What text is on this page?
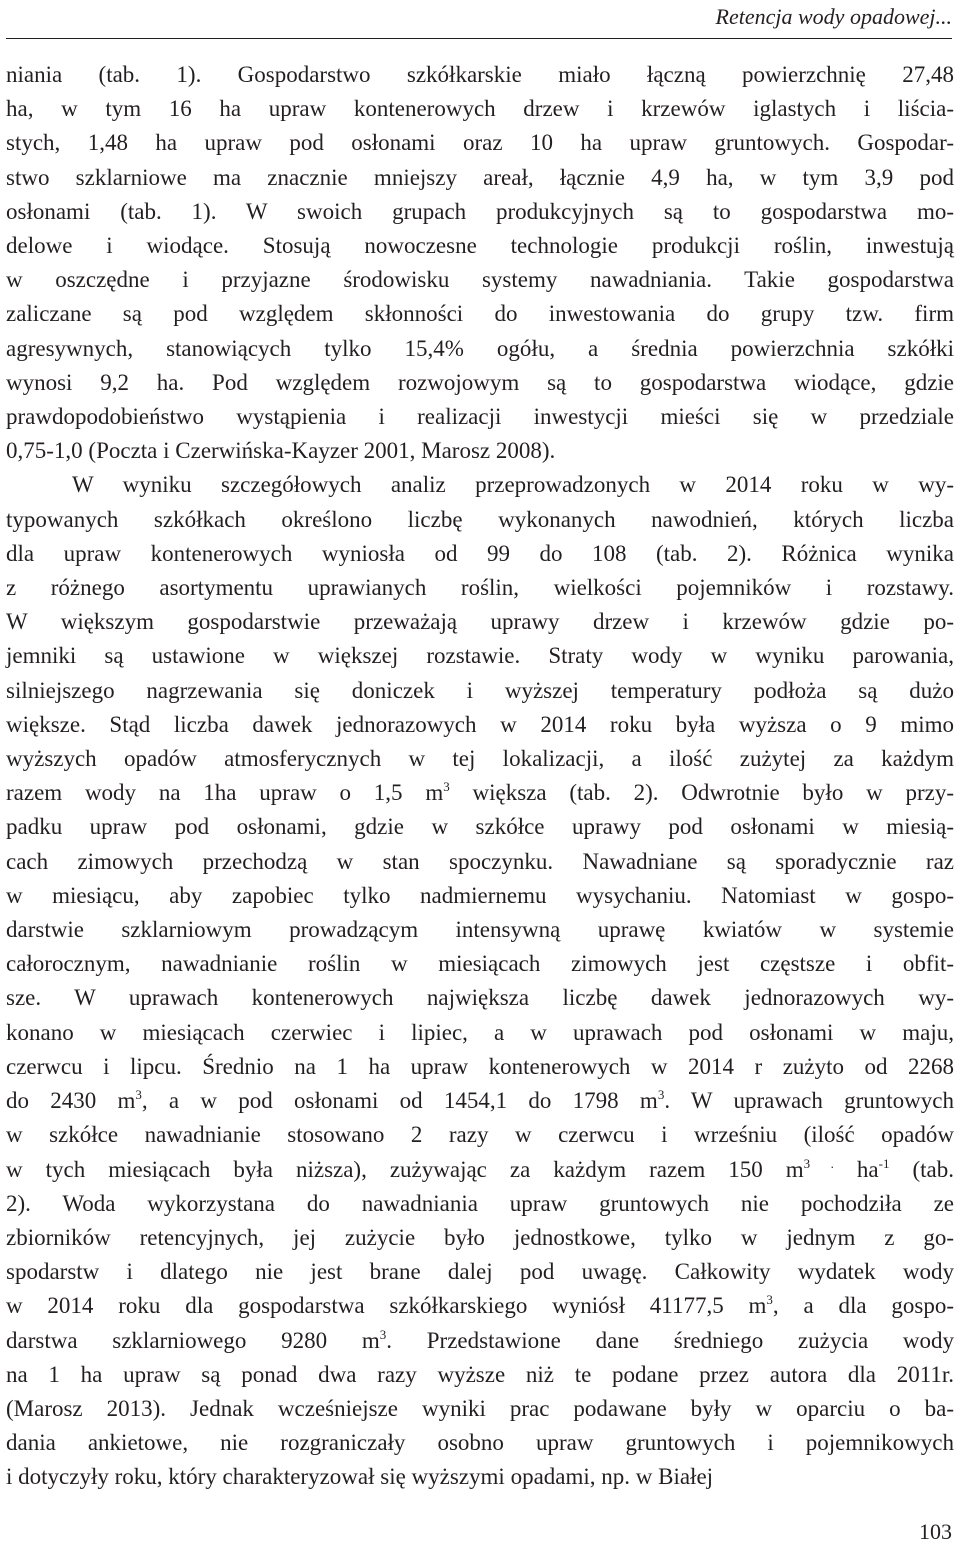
Retencja wody opadowej...

niania (tab. 1). Gospodarstwo szkółkarskie miało łączną powierzchnię 27,48
ha, w tym 16 ha upraw kontenerowych drzew i krzewów iglastych i liścia-
stych, 1,48 ha upraw pod osłonami oraz 10 ha upraw gruntowych. Gospodar-
stwo szklarniowe ma znacznie mniejszy areał, łącznie 4,9 ha, w tym 3,9 pod
osłonami (tab. 1). W swoich grupach produkcyjnych są to gospodarstwa mo-
delowe i wiodące. Stosują nowoczesne technologie produkcji roślin, inwestują
w oszczędne i przyjazne środowisku systemy nawadniania. Takie gospodarstwa
zaliczane są pod względem skłonności do inwestowania do grupy tzw. firm
agresywnych, stanowiących tylko 15,4% ogółu, a średnia powierzchnia szkółki
wynosi 9,2 ha. Pod względem rozwojowym są to gospodarstwa wiodące, gdzie
prawdopodobieństwo wystąpienia i realizacji inwestycji mieści się w przedziale
0,75-1,0 (Poczta i Czerwińska-Kayzer 2001, Marosz 2008).

W wyniku szczegółowych analiz przeprowadzonych w 2014 roku w wy-
typowanych szkółkach określono liczbę wykonanych nawodnień, których liczba
dla upraw kontenerowych wyniosła od 99 do 108 (tab. 2). Różnica wynika
z różnego asortymentu uprawianych roślin, wielkości pojemników i rozstawy.
W większym gospodarstwie przeważają uprawy drzew i krzewów gdzie po-
jemniki są ustawione w większej rozstawie. Straty wody w wyniku parowania,
silniejszego nagrzewania się doniczek i wyższej temperatury podłoża są dużo
większe. Stąd liczba dawek jednorazowych w 2014 roku była wyższa o 9 mimo
wyższych opadów atmosferycznych w tej lokalizacji, a ilość zużytej za każdym
razem wody na 1ha upraw o 1,5 $m^3$ większa (tab. 2). Odwrotnie było w przy-
padku upraw pod osłonami, gdzie w szkółce uprawy pod osłonami w miesią-
cach zimowych przechodzą w stan spoczynku. Nawadniane są sporadycznie raz
w miesiącu, aby zapobiec tylko nadmiernemu wysychaniu. Natomiast w gospo-
darstwie szklarniowym prowadzącym intensywną uprawę kwiatów w systemie
całorocznym, nawadnianie roślin w miesiącach zimowych jest częstsze i obfit-
sze. W uprawach kontenerowych największa liczbę dawek jednorazowych wy-
konano w miesiącach czerwiec i lipiec, a w uprawach pod osłonami w maju,
czerwcu i lipcu. Średnio na 1 ha upraw kontenerowych w 2014 r zużyto od 2268
do 2430 $m^3$, a w pod osłonami od 1454,1 do 1798 $m^3$. W uprawach gruntowych
w szkółce nawadnianie stosowano 2 razy w czerwcu i wrześniu (ilość opadów
w tych miesiącach była niższa), zużywając za każdym razem 150 $m^{3 .}$ $ha^{-1}$ (tab.
2). Woda wykorzystana do nawadniania upraw gruntowych nie pochodziła ze
zbiorników retencyjnych, jej zużycie było jednostkowe, tylko w jednym z go-
spodarstw i dlatego nie jest brane dalej pod uwagę. Całkowity wydatek wody
w 2014 roku dla gospodarstwa szkółkarskiego wyniósł 41177,5 $m^3$, a dla gospo-
darstwa szklarniowego 9280 $m^3$. Przedstawione dane średniego zużycia wody
na 1 ha upraw są ponad dwa razy wyższe niż te podane przez autora dla 2011r.
(Marosz 2013). Jednak wcześniejsze wyniki prac podawane były w oparciu o ba-
dania ankietowe, nie rozgraniczały osobno upraw gruntowych i pojemnikowych
i dotyczyły roku, który charakteryzował się wyższymi opadami, np. w Białej

103
